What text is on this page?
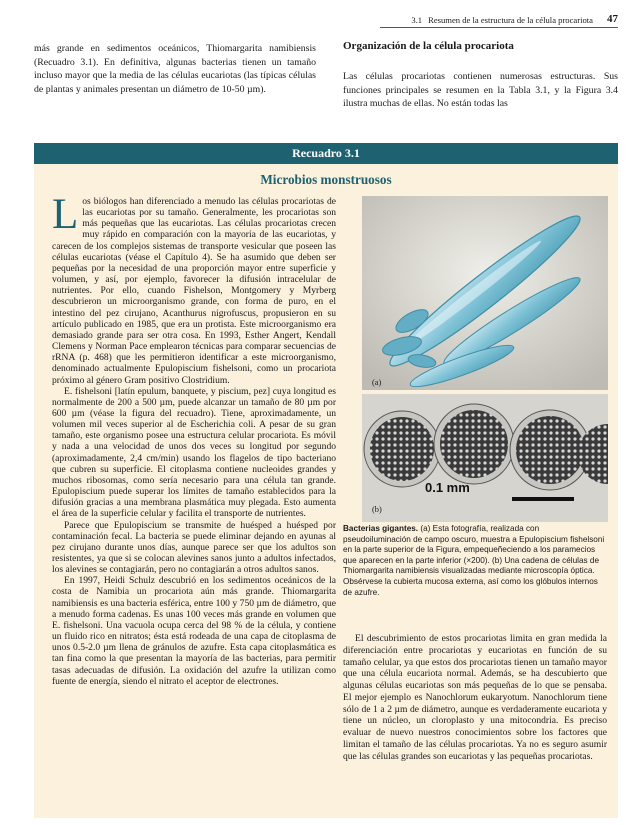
3.1 Resumen de la estructura de la célula procariota 47
más grande en sedimentos oceánicos, Thiomargarita namibiensis (Recuadro 3.1). En definitiva, algunas bacterias tienen un tamaño incluso mayor que la media de las células eucariotas (las típicas células de plantas y animales presentan un diámetro de 10-50 µm).
Organización de la célula procariota
Las células procariotas contienen numerosas estructuras. Sus funciones principales se resumen en la Tabla 3.1, y la Figura 3.4 ilustra muchas de ellas. No están todas las
Recuadro 3.1
Microbios monstruosos

Los biólogos han diferenciado a menudo las células procariotas de las eucariotas por su tamaño. Generalmente, les procariotas son más pequeñas que las eucariotas. Las células procariotas crecen muy rápido en comparación con la mayoría de las eucariotas, y carecen de los complejos sistemas de transporte vesicular que poseen las células eucariotas (véase el Capítulo 4). Se ha asumido que deben ser pequeñas por la necesidad de una proporción mayor entre superficie y volumen, y así, por ejemplo, favorecer la difusión intracelular de nutrientes. Por ello, cuando Fishelson, Montgomery y Myrberg descubrieron un microorganismo grande, con forma de puro, en el intestino del pez cirujano, Acanthurus nigrofuscus, propusieron en su artículo publicado en 1985, que era un protista. Este microorganismo era demasiado grande para ser otra cosa. En 1993, Esther Angert, Kendall Clemens y Norman Pace emplearon técnicas para comparar secuencias de rRNA (p. 468) que les permitieron identificar a este microorganismo, denominado actualmente Epulopiscium fishelsoni, como un procariota próximo al género Gram positivo Clostridium.

E. fishelsoni [latín epulum, banquete, y piscium, pez] cuya longitud es normalmente de 200 a 500 µm, puede alcanzar un tamaño de 80 µm por 600 µm (véase la figura del recuadro). Tiene, aproximadamente, un volumen mil veces superior al de Escherichia coli. A pesar de su gran tamaño, este organismo posee una estructura celular procariota. Es móvil y nada a una velocidad de unos dos veces su longitud por segundo (aproximadamente, 2,4 cm/min) usando los flagelos de tipo bacteriano que cubren su superficie. El citoplasma contiene nucleoides grandes y muchos ribosomas, como sería necesario para una célula tan grande. Epulopiscium puede superar los límites de tamaño establecidos para la difusión gracias a una membrana plasmática muy plegada. Esto aumenta el área de la superficie celular y facilita el transporte de nutrientes.

Parece que Epulopiscium se transmite de huésped a huésped por contaminación fecal. La bacteria se puede eliminar dejando en ayunas al pez cirujano durante unos días, aunque parece ser que los adultos son resistentes, ya que si se colocan alevines sanos junto a adultos infectados, los alevines se contagiarán, pero no contagiarán a otros adultos sanos.

En 1997, Heidi Schulz descubrió en los sedimentos oceánicos de la costa de Namibia un procariota aún más grande. Thiomargarita namibiensis es una bacteria esférica, entre 100 y 750 µm de diámetro, que a menudo forma cadenas. Es unas 100 veces más grande en volumen que E. fishelsoni. Una vacuola ocupa cerca del 98 % de la célula, y contiene un fluido rico en nitratos; ésta está rodeada de una capa de citoplasma de unos 0.5-2.0 µm llena de gránulos de azufre. Esta capa citoplasmática es tan fina como la que presentan la mayoría de las bacterias, para permitir tasas adecuadas de difusión. La oxidación del azufre la utilizan como fuente de energía, siendo el nitrato el aceptor de electrones.

(a)
0.1 mm
(b)
Bacterias gigantes. (a) Esta fotografía, realizada con pseudoiluminación de campo oscuro, muestra a Epulopiscium fishelsoni en la parte superior de la Figura, empequeñeciendo a los paramecios que aparecen en la parte inferior (×200). (b) Una cadena de células de Thiomargarita namibiensis visualizadas mediante microscopía óptica. Obsérvese la cubierta mucosa externa, así como los glóbulos internos de azufre.

El descubrimiento de estos procariotas limita en gran medida la diferenciación entre procariotas y eucariotas en función de su tamaño celular, ya que estos dos procariotas tienen un tamaño mayor que una célula eucariota normal. Además, se ha descubierto que algunas células eucariotas son más pequeñas de lo que se pensaba. El mejor ejemplo es Nanochlorum eukaryotum. Nanochlorum tiene sólo de 1 a 2 µm de diámetro, aunque es verdaderamente eucariota y tiene un núcleo, un cloroplasto y una mitocondria. Es preciso evaluar de nuevo nuestros conocimientos sobre los factores que limitan el tamaño de las células procariotas. Ya no es seguro asumir que las células grandes son eucariotas y las pequeñas procariotas.
